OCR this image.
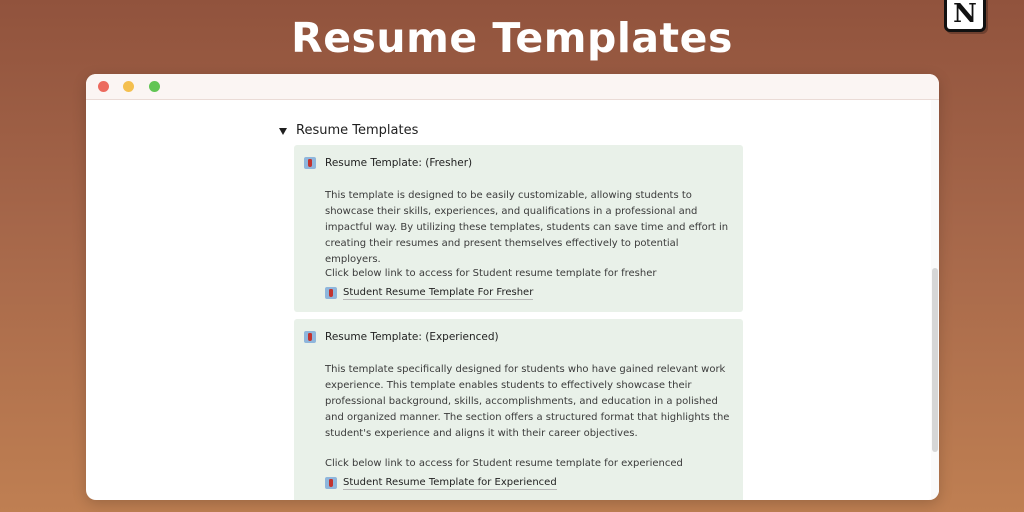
Resume Templates
N
Resume Templates
Resume Template: (Fresher)
This template is designed to be easily customizable, allowing students to showcase their skills, experiences, and qualifications in a professional and impactful way. By utilizing these templates, students can save time and effort in creating their resumes and present themselves effectively to potential employers.
Click below link to access for Student resume template for fresher
Student Resume Template For Fresher
Resume Template: (Experienced)
This template specifically designed for students who have gained relevant work experience. This template enables students to effectively showcase their professional background, skills, accomplishments, and education in a polished and organized manner. The section offers a structured format that highlights the student's experience and aligns it with their career objectives.
Click below link to access for Student resume template for experienced
Student Resume Template for Experienced
